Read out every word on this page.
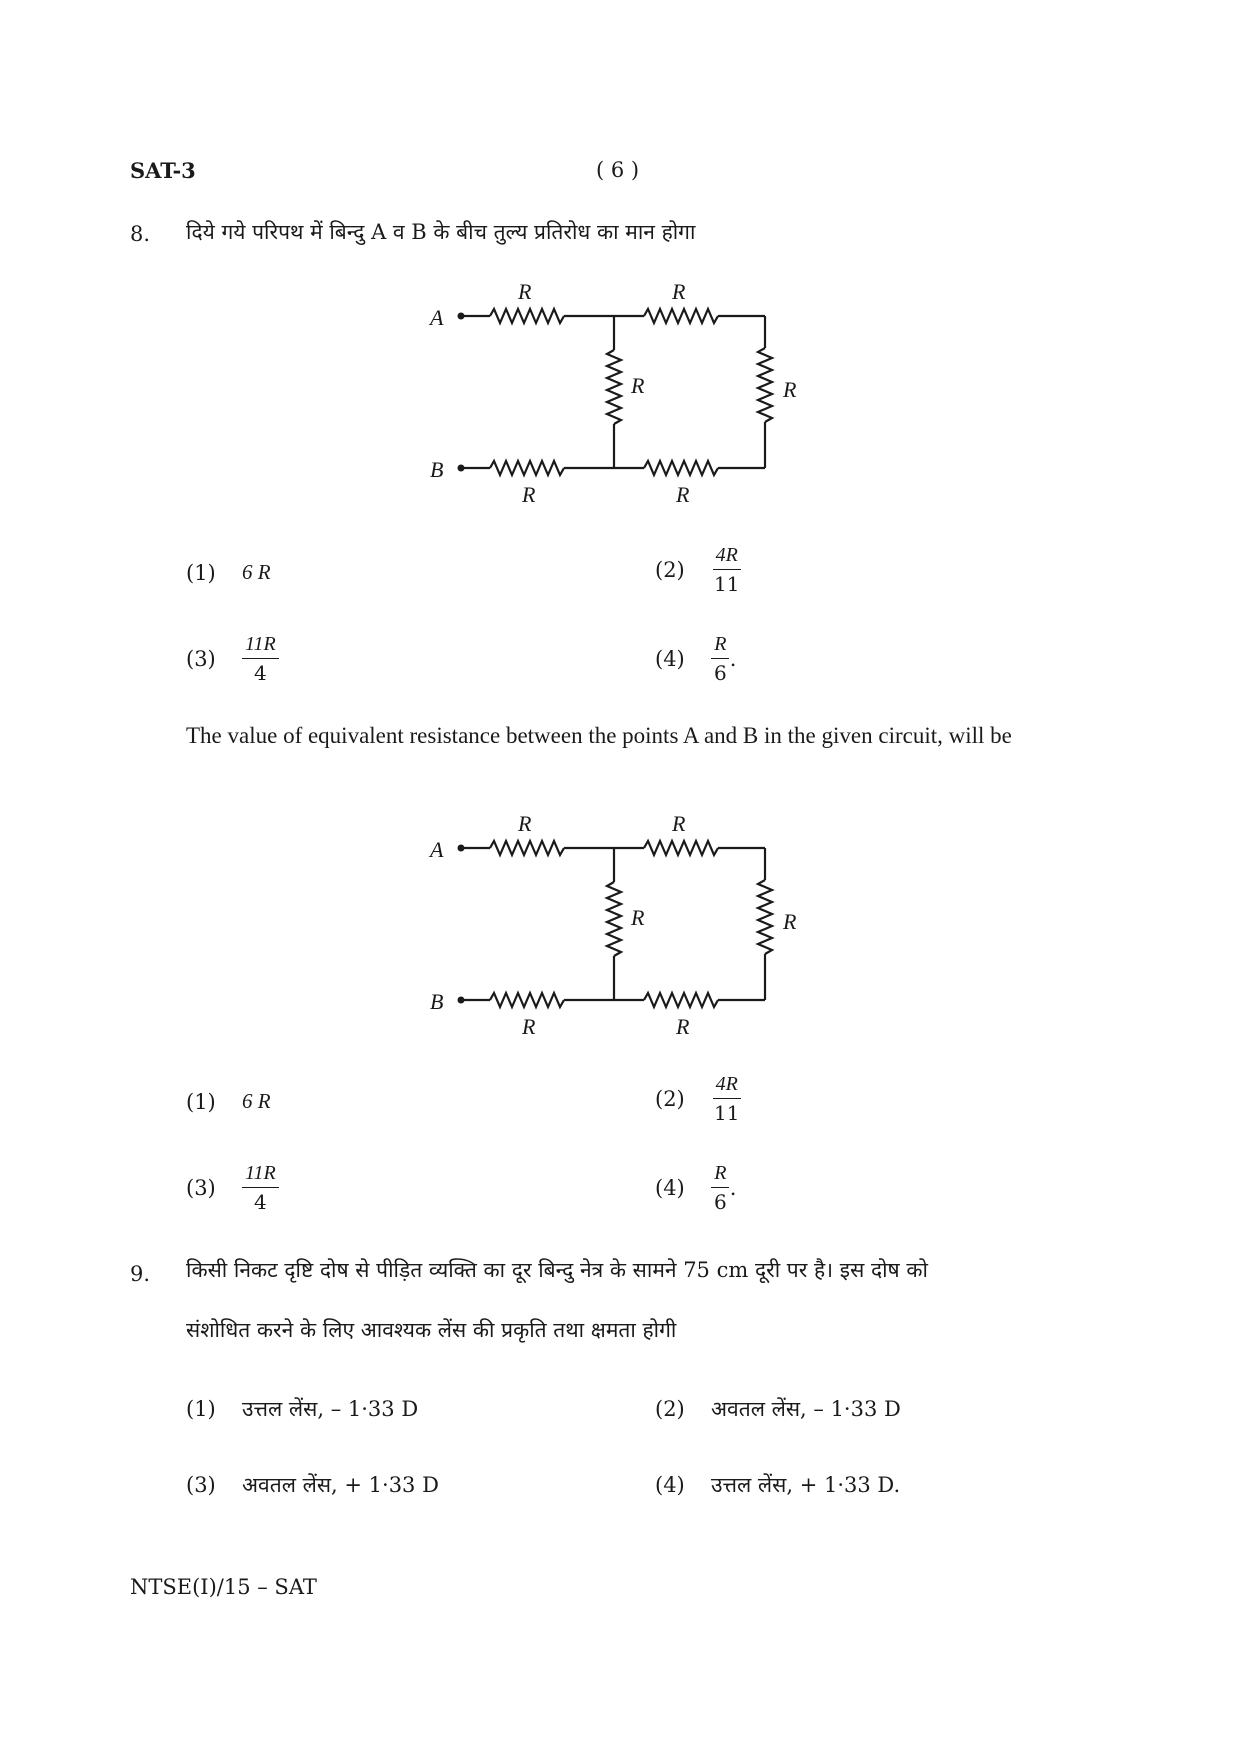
SAT-3	( 6 )
8. दिये गये परिपथ में बिन्दु A व B के बीच तुल्य प्रतिरोध का मान होगा
A
B
R	R
R	R
R	R
(1)	6 R	(2)	$\frac{4R}{11}$
(3)	$\frac{11R}{4}$	(4)	$\frac{R}{6}$ .
The value of equivalent resistance between the points A and B in the given circuit, will be
A
B
R	R
R	R
R	R
(1)	6 R	(2)	$\frac{4R}{11}$
(3)	$\frac{11R}{4}$	(4)	$\frac{R}{6}$ .
9. किसी निकट दृष्टि दोष से पीड़ित व्यक्ति का दूर बिन्दु नेत्र के सामने 75 cm दूरी पर है। इस दोष को
संशोधित करने के लिए आवश्यक लेंस की प्रकृति तथा क्षमता होगी
(1)	उत्तल लेंस, – 1·33 D	(2)	अवतल लेंस, – 1·33 D
(3)	अवतल लेंस, + 1·33 D	(4)	उत्तल लेंस, + 1·33 D.
NTSE(I)/15 – SAT
